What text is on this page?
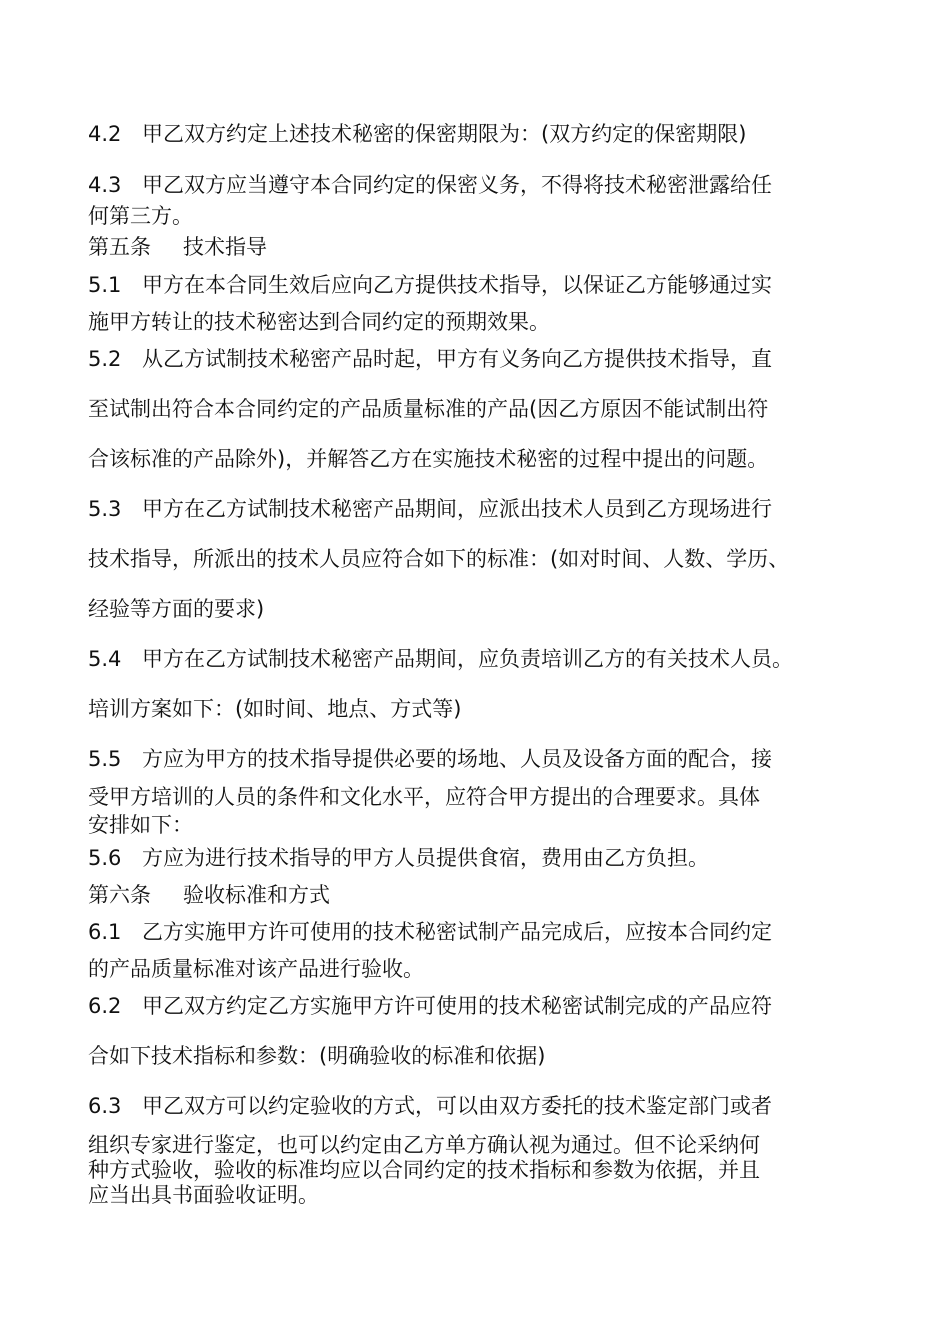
4.2 甲乙双方约定上述技术秘密的保密期限为：(双方约定的保密期限)
4.3 甲乙双方应当遵守本合同约定的保密义务，不得将技术秘密泄露给任
何第三方。
第五条 技术指导
5.1 甲方在本合同生效后应向乙方提供技术指导，以保证乙方能够通过实
施甲方转让的技术秘密达到合同约定的预期效果。
5.2 从乙方试制技术秘密产品时起，甲方有义务向乙方提供技术指导，直
至试制出符合本合同约定的产品质量标准的产品(因乙方原因不能试制出符
合该标准的产品除外)，并解答乙方在实施技术秘密的过程中提出的问题。
5.3 甲方在乙方试制技术秘密产品期间，应派出技术人员到乙方现场进行
技术指导，所派出的技术人员应符合如下的标准：(如对时间、人数、学历、
经验等方面的要求)
5.4 甲方在乙方试制技术秘密产品期间，应负责培训乙方的有关技术人员。
培训方案如下：(如时间、地点、方式等)
5.5 方应为甲方的技术指导提供必要的场地、人员及设备方面的配合，接
受甲方培训的人员的条件和文化水平，应符合甲方提出的合理要求。具体
安排如下：
5.6 方应为进行技术指导的甲方人员提供食宿，费用由乙方负担。
第六条 验收标准和方式
6.1 乙方实施甲方许可使用的技术秘密试制产品完成后，应按本合同约定
的产品质量标准对该产品进行验收。
6.2 甲乙双方约定乙方实施甲方许可使用的技术秘密试制完成的产品应符
合如下技术指标和参数：(明确验收的标准和依据)
6.3 甲乙双方可以约定验收的方式，可以由双方委托的技术鉴定部门或者
组织专家进行鉴定，也可以约定由乙方单方确认视为通过。但不论采纳何
种方式验收，验收的标准均应以合同约定的技术指标和参数为依据，并且
应当出具书面验收证明。
